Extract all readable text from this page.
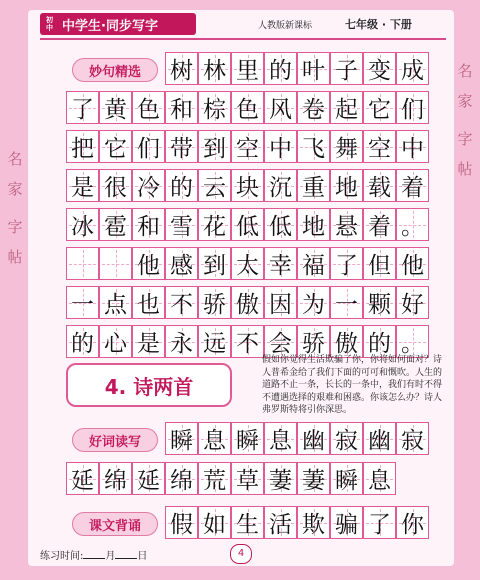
初中 中学生·同步写字	人教版新课标	七年级 · 下册
名
家
字
帖
名
家
字
帖
妙句精选	树 林 里 的 叶 子 变 成
了 黄 色 和 棕 色 风 卷 起 它 们
把 它 们 带 到 空 中 飞 舞 空 中
是 很 冷 的 云 块 沉 重 地 载 着
冰 雹 和 雪 花 低 低 地 悬 着 。
他 感 到 太 幸 福 了 但 他
一 点 也 不 骄 傲 因 为 一 颗 好
的 心 是 永 远 不 会 骄 傲 的 。
瞬 息 瞬 息 幽 寂 幽 寂
延 绵 延 绵 荒 草 萋 萋 瞬 息
假 如 生 活 欺 骗 了 你
4. 诗两首
假如你觉得生活欺骗了你，你将如何面对？诗人普希金给了我们下面的可可和慨吹。人生的道路不止一条，长长的一条中，我们有时不得不遭遇选择的艰难和困惑。你该怎么办？诗人弗罗斯特将引你深思。
好词读写
课文背诵
练习时间: 月 日	4
